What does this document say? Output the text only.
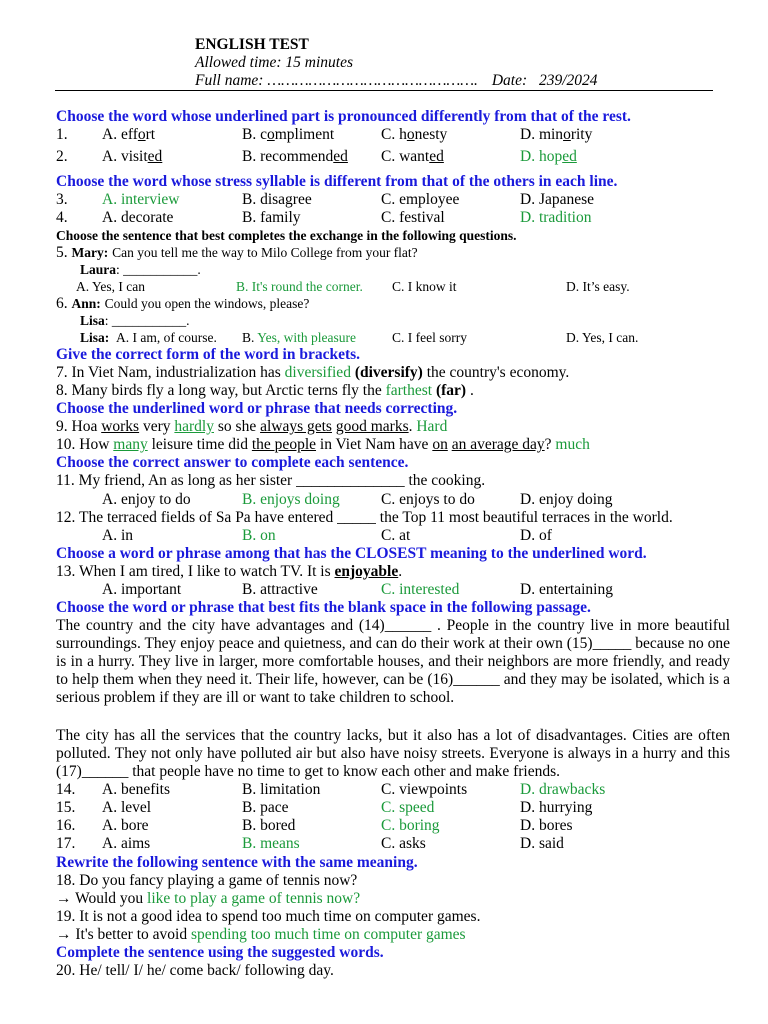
ENGLISH TEST
Allowed time: 15 minutes
Full name: ………………………………………. Date: 239/2024
Choose the word whose underlined part is pronounced differently from that of the rest.
1. A. effort	B. compliment	C. honesty	D. minority
2. A. visited	B. recommended C. wanted	D. hoped
Choose the word whose stress syllable is different from that of the others in each line.
3. A. interview	B. disagree	C. employee	D. Japanese
4. A. decorate	B. family	C. festival	D. tradition
Choose the sentence that best completes the exchange in the following questions.
5. Mary: Can you tell me the way to Milo College from your flat?
Laura: ___________.
A. Yes, I can	B. It's round the corner. C. I know it	D. It’s easy.
6. Ann: Could you open the windows, please?
Lisa: ___________.
Lisa: A. I am, of course. B. Yes, with pleasure	C. I feel sorry	D. Yes, I can.
Give the correct form of the word in brackets.
7. In Viet Nam, industrialization has diversified (diversify) the country's economy.
8. Many birds fly a long way, but Arctic terns fly the farthest (far) .
Choose the underlined word or phrase that needs correcting.
9. Hoa works very hardly so she always gets good marks. Hard
10. How many leisure time did the people in Viet Nam have on an average day? much
Choose the correct answer to complete each sentence.
11. My friend, An as long as her sister ______________ the cooking.
A. enjoy to do	B. enjoys doing	C. enjoys to do	D. enjoy doing
12. The terraced fields of Sa Pa have entered _____ the Top 11 most beautiful terraces in the world.
A. in	B. on	C. at	D. of
Choose a word or phrase among that has the CLOSEST meaning to the underlined word.
13. When I am tired, I like to watch TV. It is enjoyable.
A. important	B. attractive	C. interested	D. entertaining
Choose the word or phrase that best fits the blank space in the following passage.
The country and the city have advantages and (14)______ . People in the country live in more beautiful surroundings. They enjoy peace and quietness, and can do their work at their own (15)_____ because no one is in a hurry. They live in larger, more comfortable houses, and their neighbors are more friendly, and ready to help them when they need it. Their life, however, can be (16)______ and they may be isolated, which is a serious problem if they are ill or want to take children to school.
The city has all the services that the country lacks, but it also has a lot of disadvantages. Cities are often polluted. They not only have polluted air but also have noisy streets. Everyone is always in a hurry and this (17)______ that people have no time to get to know each other and make friends.
14. A. benefits	B. limitation	C. viewpoints	D. drawbacks
15. A. level	B. pace	C. speed	D. hurrying
16. A. bore	B. bored	C. boring	D. bores
17. A. aims	B. means	C. asks	D. said
Rewrite the following sentence with the same meaning.
18. Do you fancy playing a game of tennis now?
→ Would you like to play a game of tennis now?
19. It is not a good idea to spend too much time on computer games.
→ It's better to avoid spending too much time on computer games
Complete the sentence using the suggested words.
20. He/ tell/ I/ he/ come back/ following day.
